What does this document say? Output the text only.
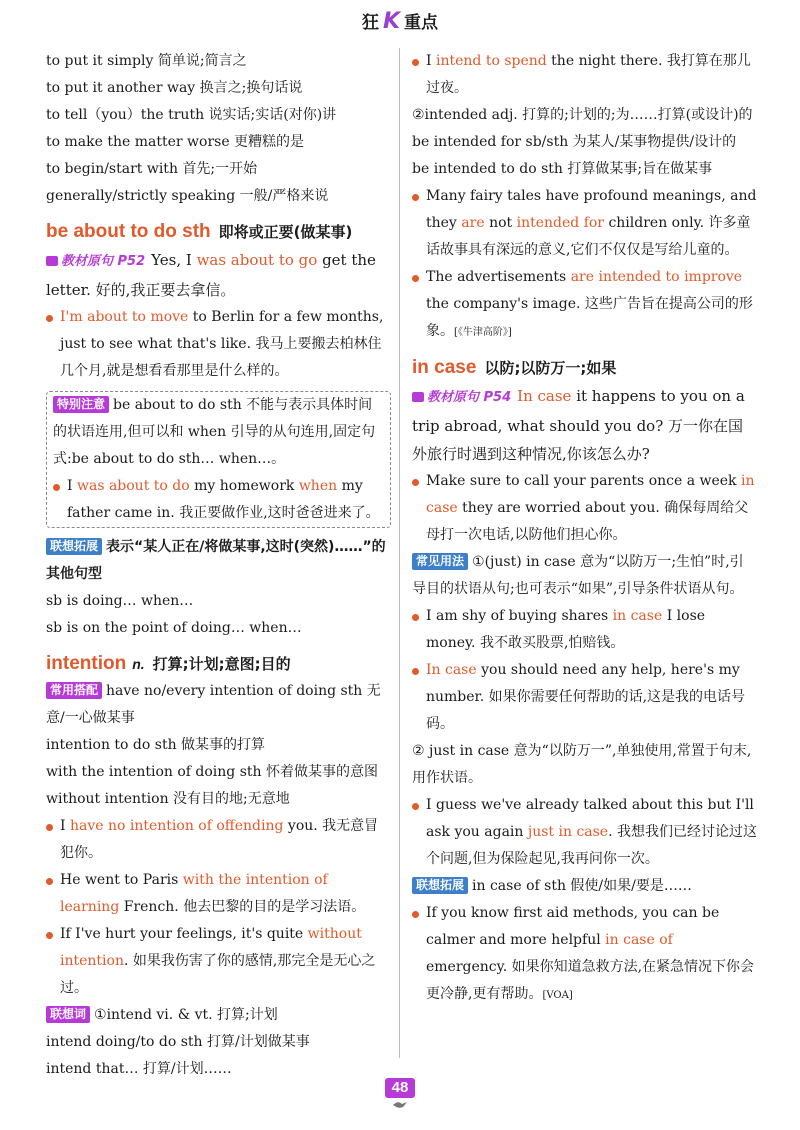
狂 K 重点
to put it simply 简单说;简言之
to put it another way 换言之;换句话说
to tell（you）the truth 说实话;实话(对你)讲
to make the matter worse 更糟糕的是
to begin/start with 首先;一开始
generally/strictly speaking 一般/严格来说
be about to do sth 即将或正要(做某事)
教材原句 P52 Yes, I was about to go get the letter. 好的,我正要去拿信。
I'm about to move to Berlin for a few months, just to see what that's like. 我马上要搬去柏林住几个月,就是想看看那里是什么样的。
特别注意 be about to do sth 不能与表示具体时间的状语连用,但可以和 when 引导的从句连用,固定句式:be about to do sth… when…。
I was about to do my homework when my father came in. 我正要做作业,这时爸爸进来了。
联想拓展 表示“某人正在/将做某事,这时(突然)……”的其他句型
sb is doing… when…
sb is on the point of doing… when…
intention n. 打算;计划;意图;目的
常用搭配 have no/every intention of doing sth 无意/一心做某事
intention to do sth 做某事的打算
with the intention of doing sth 怀着做某事的意图
without intention 没有目的地;无意地
I have no intention of offending you. 我无意冒犯你。
He went to Paris with the intention of learning French. 他去巴黎的目的是学习法语。
If I've hurt your feelings, it's quite without intention. 如果我伤害了你的感情,那完全是无心之过。
联想词 ①intend vi. & vt. 打算;计划
intend doing/to do sth 打算/计划做某事
intend that… 打算/计划……
I intend to spend the night there. 我打算在那儿过夜。
②intended adj. 打算的;计划的;为……打算(或设计)的
be intended for sb/sth 为某人/某事物提供/设计的
be intended to do sth 打算做某事;旨在做某事
Many fairy tales have profound meanings, and they are not intended for children only. 许多童话故事具有深远的意义,它们不仅仅是写给儿童的。
The advertisements are intended to improve the company's image. 这些广告旨在提高公司的形象。[《牛津高阶》]
in case 以防;以防万一;如果
教材原句 P54 In case it happens to you on a trip abroad, what should you do? 万一你在国外旅行时遇到这种情况,你该怎么办?
Make sure to call your parents once a week in case they are worried about you. 确保每周给父母打一次电话,以防他们担心你。
常见用法 ①(just) in case 意为“以防万一;生怕”时,引导目的状语从句;也可表示“如果”,引导条件状语从句。
I am shy of buying shares in case I lose money. 我不敢买股票,怕赔钱。
In case you should need any help, here's my number. 如果你需要任何帮助的话,这是我的电话号码。
② just in case 意为“以防万一”,单独使用,常置于句末,用作状语。
I guess we've already talked about this but I'll ask you again just in case. 我想我们已经讨论过这个问题,但为保险起见,我再问你一次。
联想拓展 in case of sth 假使/如果/要是……
If you know first aid methods, you can be calmer and more helpful in case of emergency. 如果你知道急救方法,在紧急情况下你会更冷静,更有帮助。[VOA]
48
